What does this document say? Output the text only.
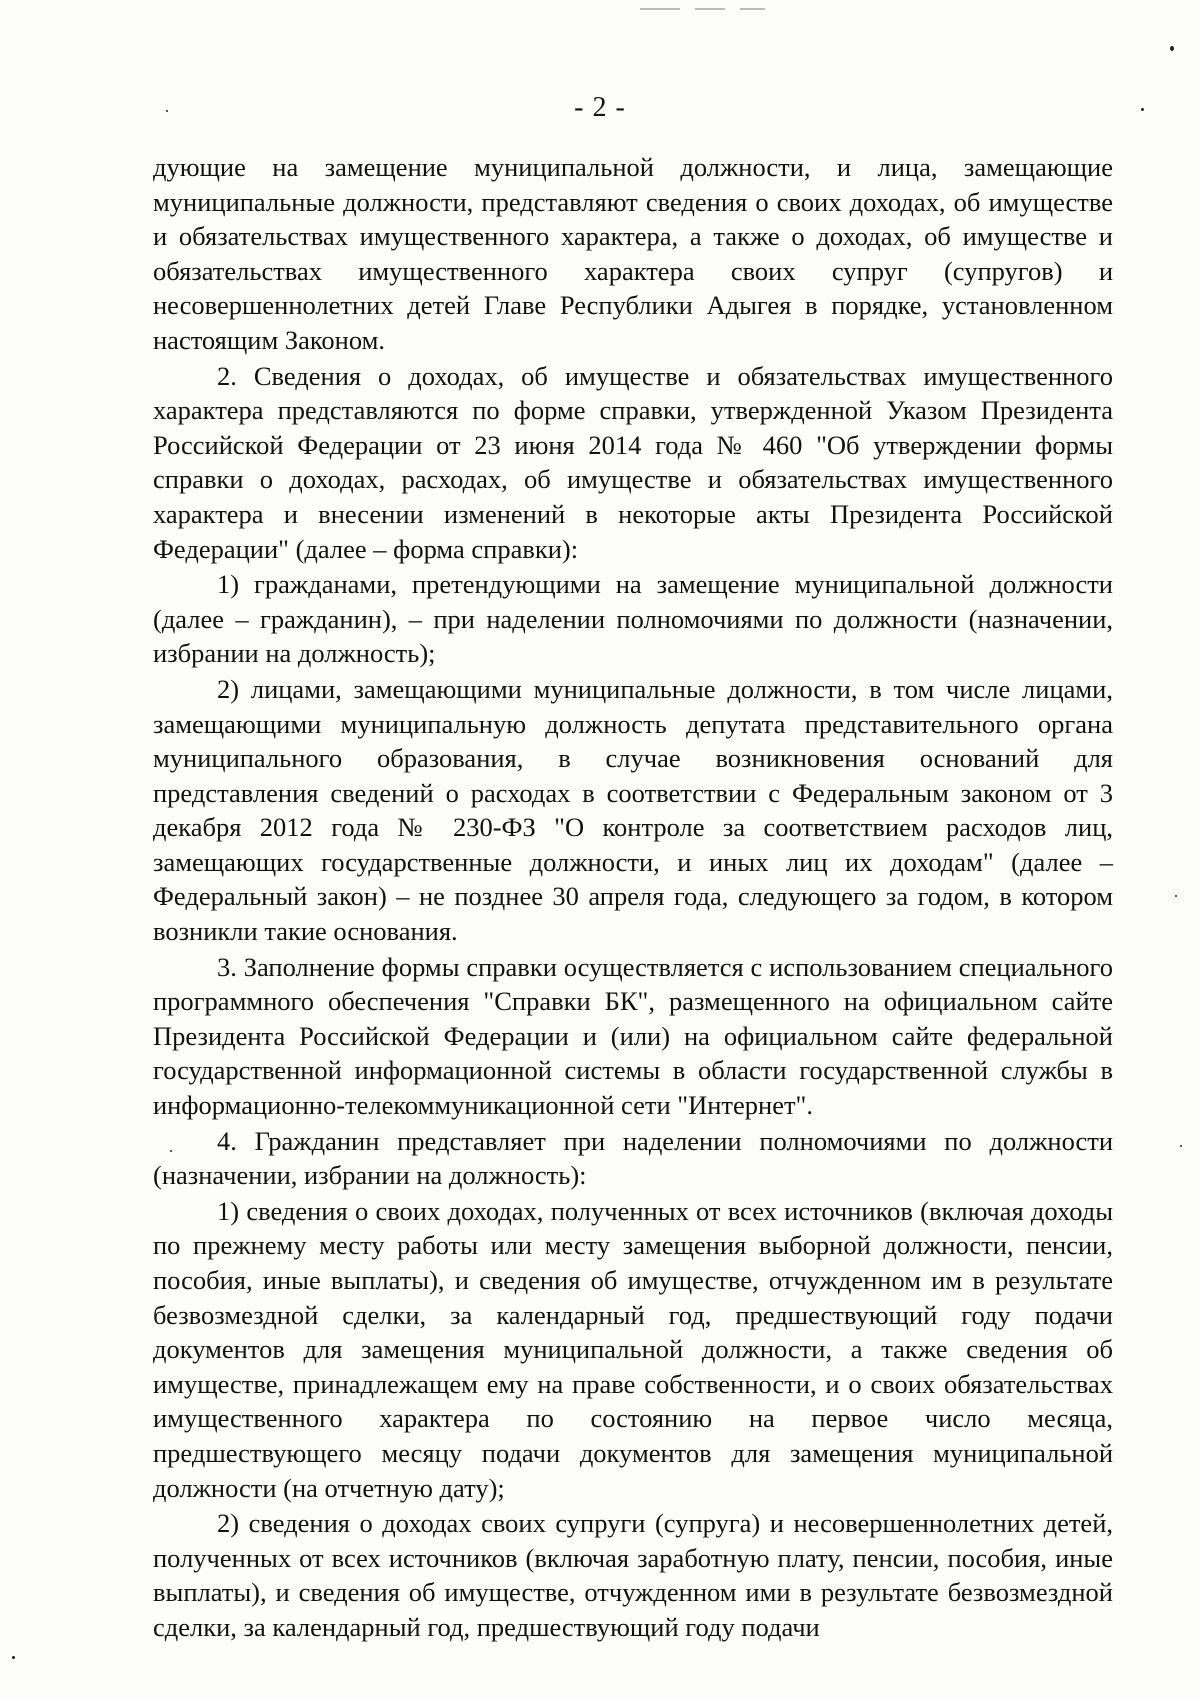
- 2 -

дующие на замещение муниципальной должности, и лица, замещающие муниципальные должности, представляют сведения о своих доходах, об имуществе и обязательствах имущественного характера, а также о доходах, об имуществе и обязательствах имущественного характера своих супруг (супругов) и несовершеннолетних детей Главе Республики Адыгея в порядке, установленном настоящим Законом.

2. Сведения о доходах, об имуществе и обязательствах имущественного характера представляются по форме справки, утвержденной Указом Президента Российской Федерации от 23 июня 2014 года № 460 "Об утверждении формы справки о доходах, расходах, об имуществе и обязательствах имущественного характера и внесении изменений в некоторые акты Президента Российской Федерации" (далее – форма справки):

1) гражданами, претендующими на замещение муниципальной должности (далее – гражданин), – при наделении полномочиями по должности (назначении, избрании на должность);

2) лицами, замещающими муниципальные должности, в том числе лицами, замещающими муниципальную должность депутата представительного органа муниципального образования, в случае возникновения оснований для представления сведений о расходах в соответствии с Федеральным законом от 3 декабря 2012 года № 230-ФЗ "О контроле за соответствием расходов лиц, замещающих государственные должности, и иных лиц их доходам" (далее – Федеральный закон) – не позднее 30 апреля года, следующего за годом, в котором возникли такие основания.

3. Заполнение формы справки осуществляется с использованием специального программного обеспечения "Справки БК", размещенного на официальном сайте Президента Российской Федерации и (или) на официальном сайте федеральной государственной информационной системы в области государственной службы в информационно-телекоммуникационной сети "Интернет".

4. Гражданин представляет при наделении полномочиями по должности (назначении, избрании на должность):

1) сведения о своих доходах, полученных от всех источников (включая доходы по прежнему месту работы или месту замещения выборной должности, пенсии, пособия, иные выплаты), и сведения об имуществе, отчужденном им в результате безвозмездной сделки, за календарный год, предшествующий году подачи документов для замещения муниципальной должности, а также сведения об имуществе, принадлежащем ему на праве собственности, и о своих обязательствах имущественного характера по состоянию на первое число месяца, предшествующего месяцу подачи документов для замещения муниципальной должности (на отчетную дату);

2) сведения о доходах своих супруги (супруга) и несовершеннолетних детей, полученных от всех источников (включая заработную плату, пенсии, пособия, иные выплаты), и сведения об имуществе, отчужденном ими в результате безвозмездной сделки, за календарный год, предшествующий году подачи
